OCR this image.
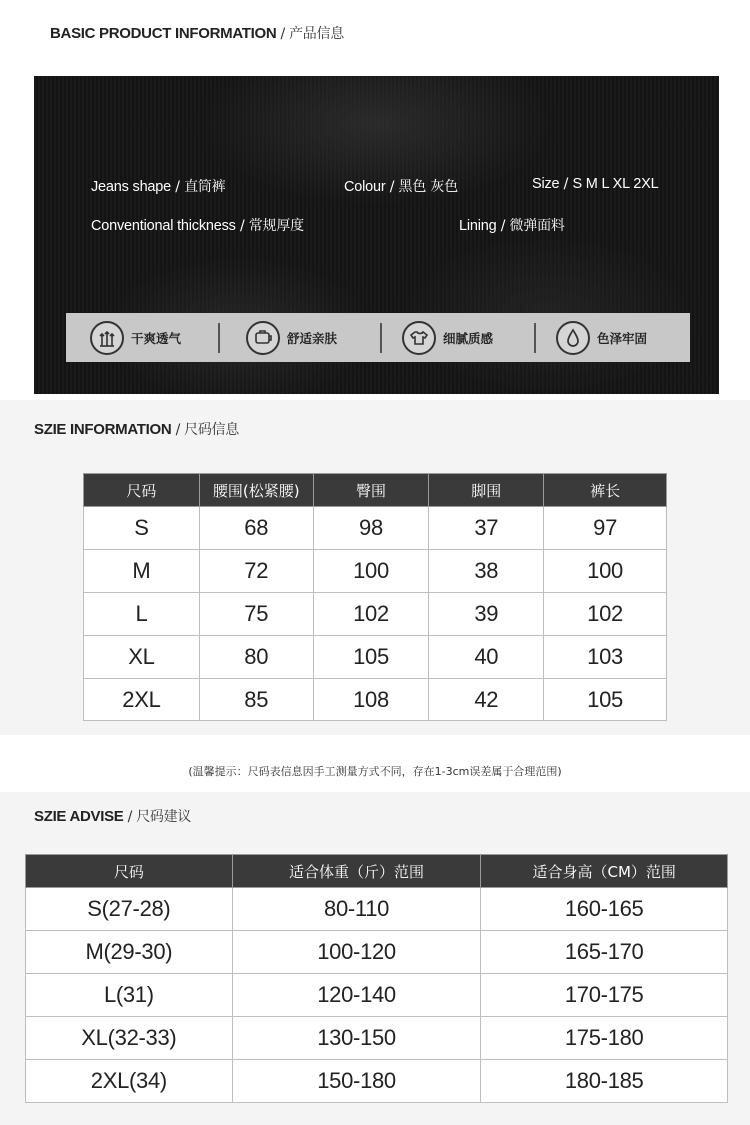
BASIC PRODUCT INFORMATION / 产品信息
Jeans shape / 直筒裤	Colour / 黑色 灰色	Size / S M L XL 2XL
Conventional thickness / 常规厚度	Lining / 微弹面料
干爽透气	舒适亲肤	细腻质感	色泽牢固
SZIE INFORMATION / 尺码信息
尺码	腰围(松紧腰)	臀围	脚围	裤长
S	68	98	37	97
M	72	100	38	100
L	75	102	39	102
XL	80	105	40	103
2XL	85	108	42	105
(温馨提示：尺码表信息因手工测量方式不同，存在1-3cm误差属于合理范围)
SZIE ADVISE / 尺码建议
尺码	适合体重（斤）范围	适合身高（CM）范围
S(27-28)	80-110	160-165
M(29-30)	100-120	165-170
L(31)	120-140	170-175
XL(32-33)	130-150	175-180
2XL(34)	150-180	180-185
